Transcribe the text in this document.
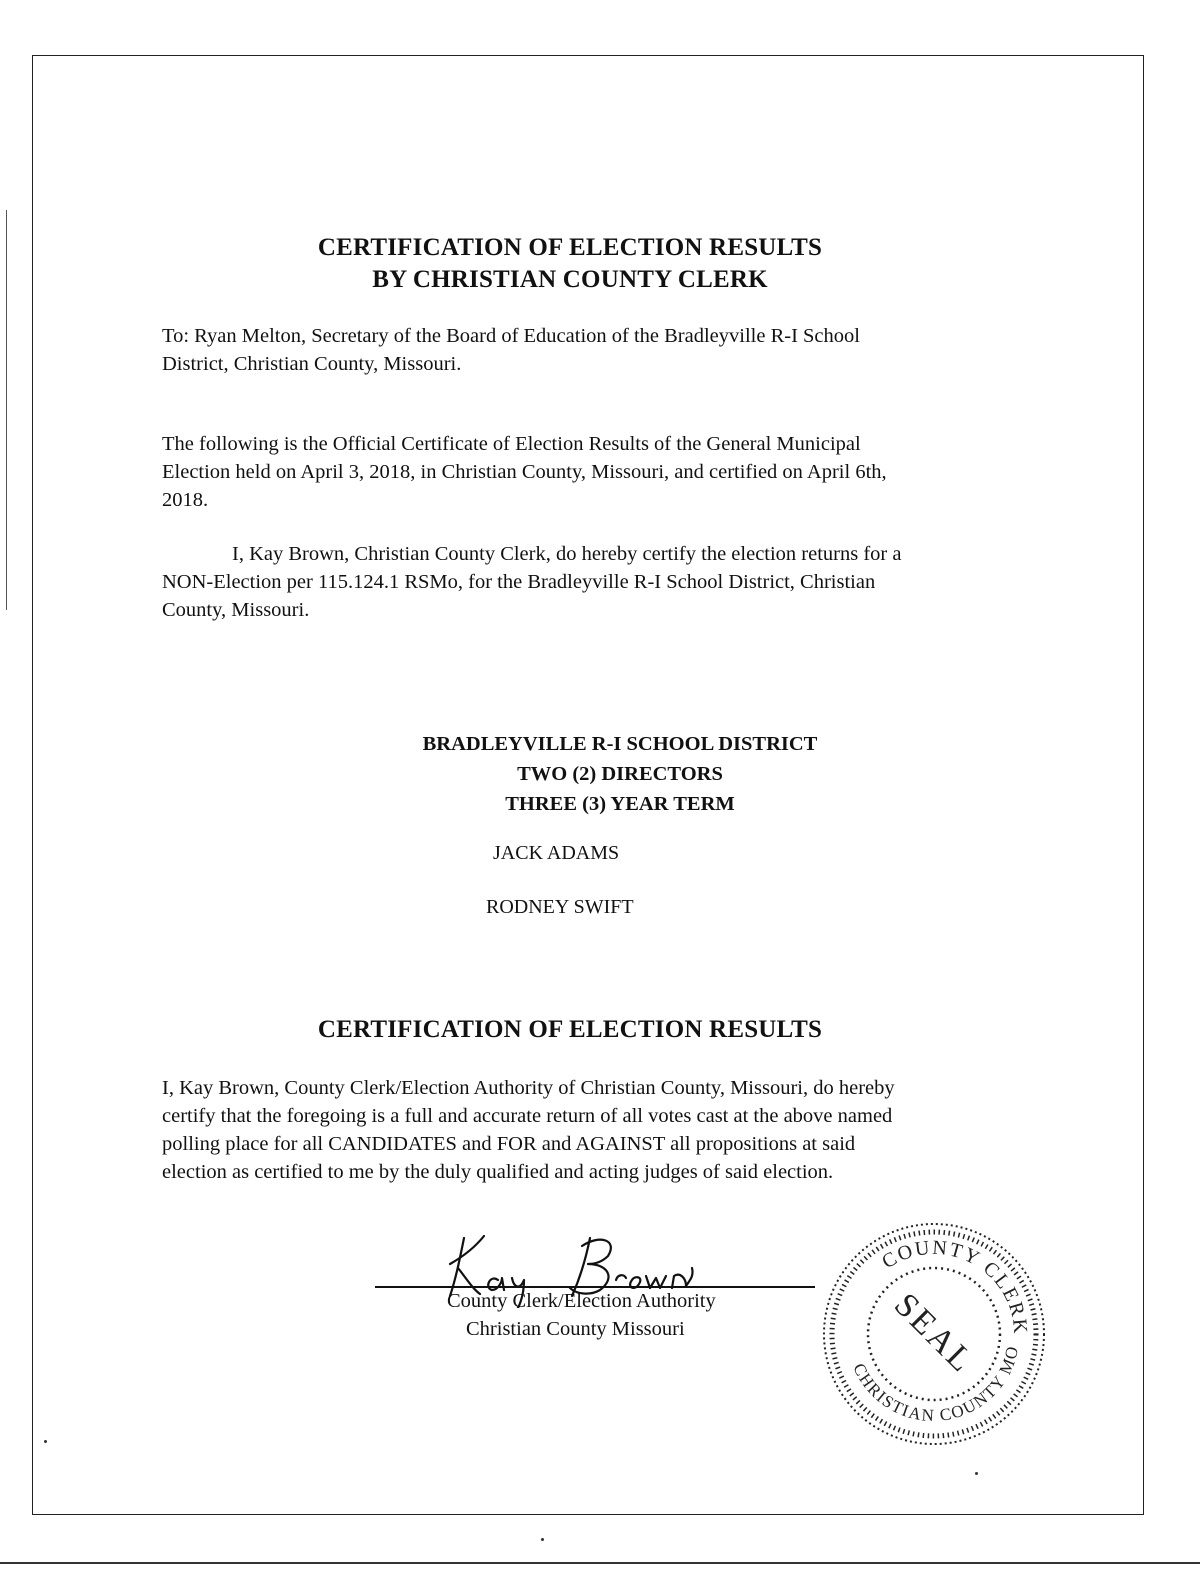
CERTIFICATION OF ELECTION RESULTS
BY CHRISTIAN COUNTY CLERK
To: Ryan Melton, Secretary of the Board of Education of the Bradleyville R-I School
District, Christian County, Missouri.
The following is the Official Certificate of Election Results of the General Municipal
Election held on April 3, 2018, in Christian County, Missouri, and certified on April 6th,
2018.
I, Kay Brown, Christian County Clerk, do hereby certify the election returns for a
NON-Election per 115.124.1 RSMo, for the Bradleyville R-I School District, Christian
County, Missouri.
BRADLEYVILLE R-I SCHOOL DISTRICT
TWO (2) DIRECTORS
THREE (3) YEAR TERM
JACK ADAMS
RODNEY SWIFT
CERTIFICATION OF ELECTION RESULTS
I, Kay Brown, County Clerk/Election Authority of Christian County, Missouri, do hereby
certify that the foregoing is a full and accurate return of all votes cast at the above named
polling place for all CANDIDATES and FOR and AGAINST all propositions at said
election as certified to me by the duly qualified and acting judges of said election.
County Clerk/Election Authority
Christian County Missouri
COUNTY CLERK
CHRISTIAN COUNTY MO
SEAL
